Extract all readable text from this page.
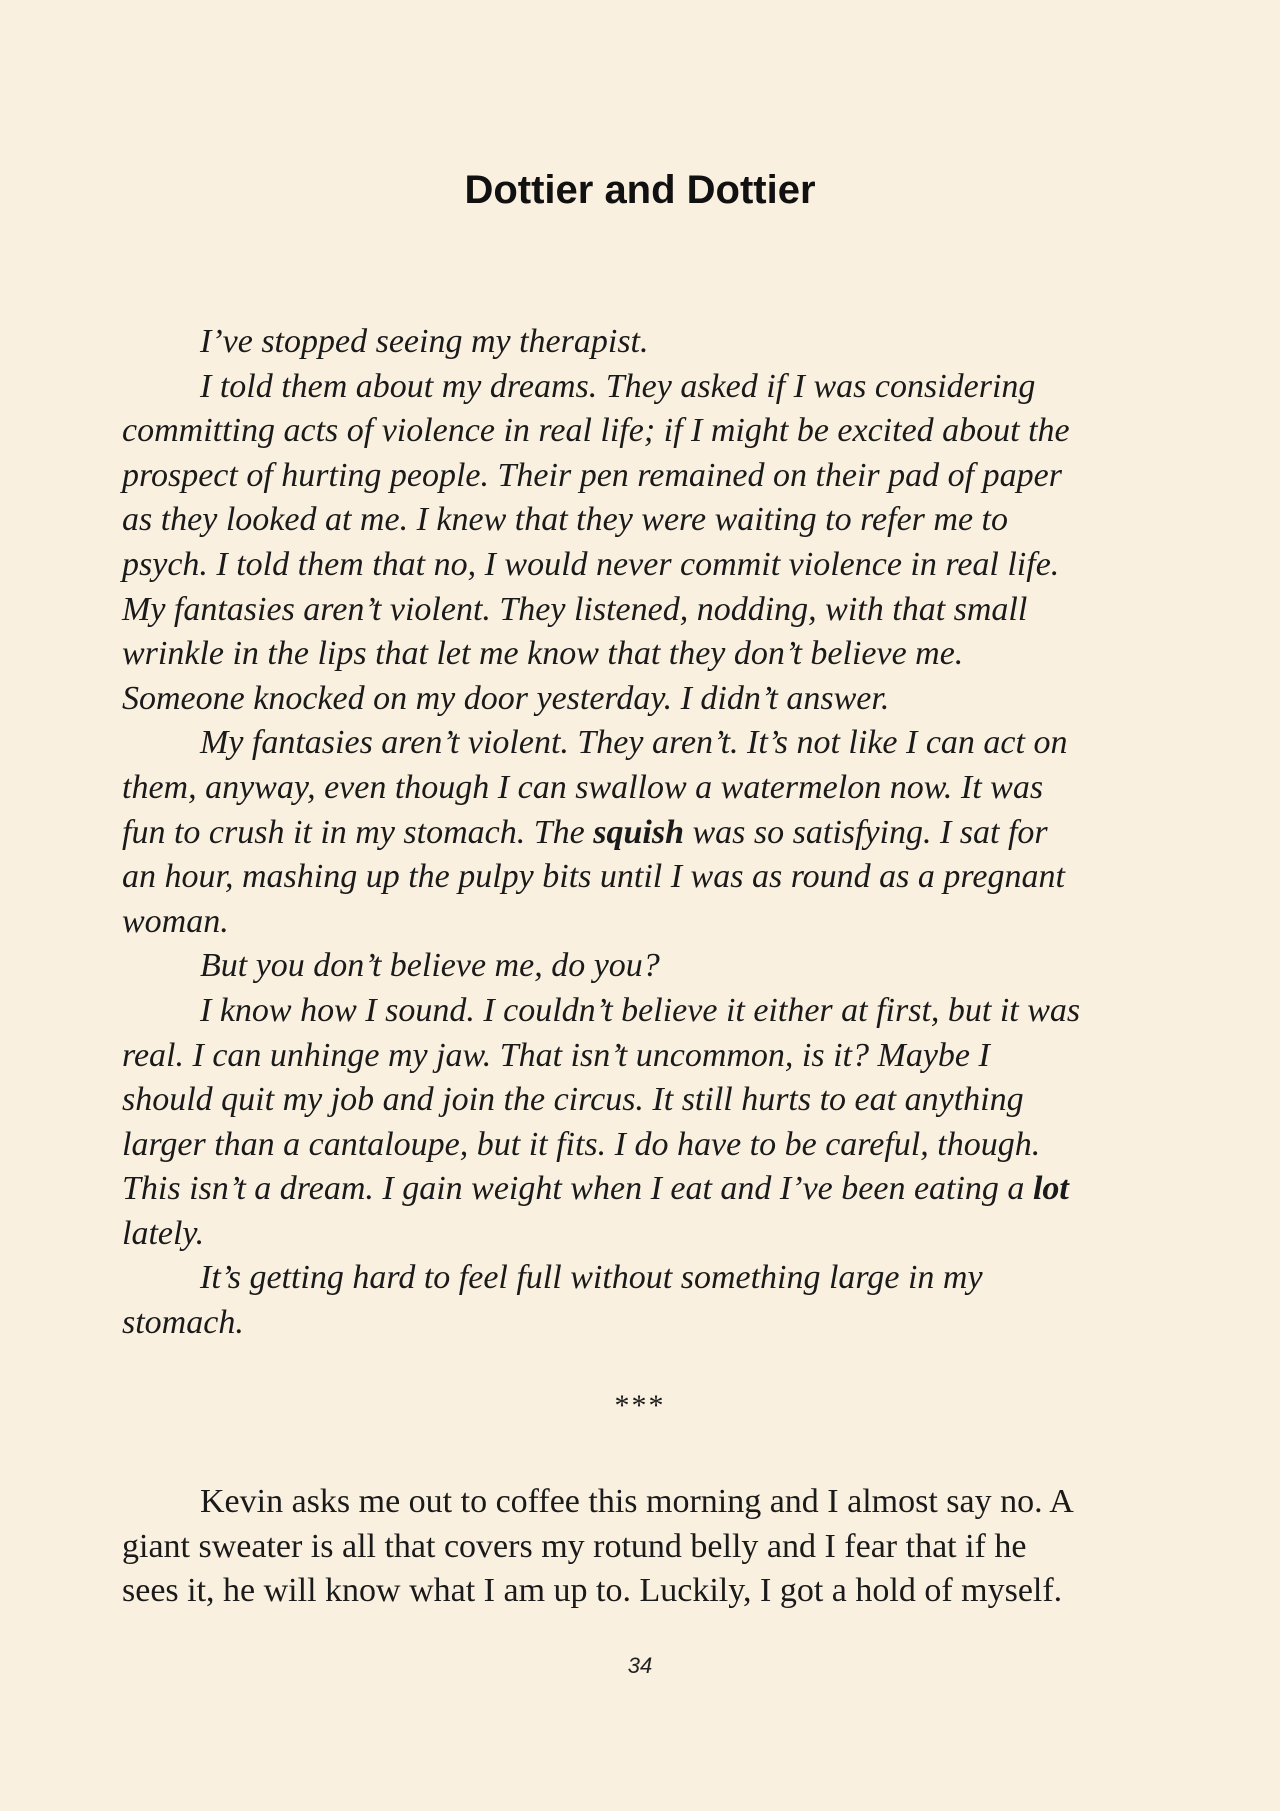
Dottier and Dottier

I’ve stopped seeing my therapist.

I told them about my dreams. They asked if I was considering

committing acts of violence in real life; if I might be excited about the

prospect of hurting people. Their pen remained on their pad of paper

as they looked at me. I knew that they were waiting to refer me to

psych. I told them that no, I would never commit violence in real life.

My fantasies aren’t violent. They listened, nodding, with that small

wrinkle in the lips that let me know that they don’t believe me.

Someone knocked on my door yesterday. I didn’t answer.

My fantasies aren’t violent. They aren’t. It’s not like I can act on

them, anyway, even though I can swallow a watermelon now. It was

fun to crush it in my stomach. The squish was so satisfying. I sat for

an hour, mashing up the pulpy bits until I was as round as a pregnant

woman.

But you don’t believe me, do you?

I know how I sound. I couldn’t believe it either at first, but it was

real. I can unhinge my jaw. That isn’t uncommon, is it? Maybe I

should quit my job and join the circus. It still hurts to eat anything

larger than a cantaloupe, but it fits. I do have to be careful, though.

This isn’t a dream. I gain weight when I eat and I’ve been eating a lot

lately.

It’s getting hard to feel full without something large in my

stomach.

***

Kevin asks me out to coffee this morning and I almost say no. A

giant sweater is all that covers my rotund belly and I fear that if he

sees it, he will know what I am up to. Luckily, I got a hold of myself.

34
